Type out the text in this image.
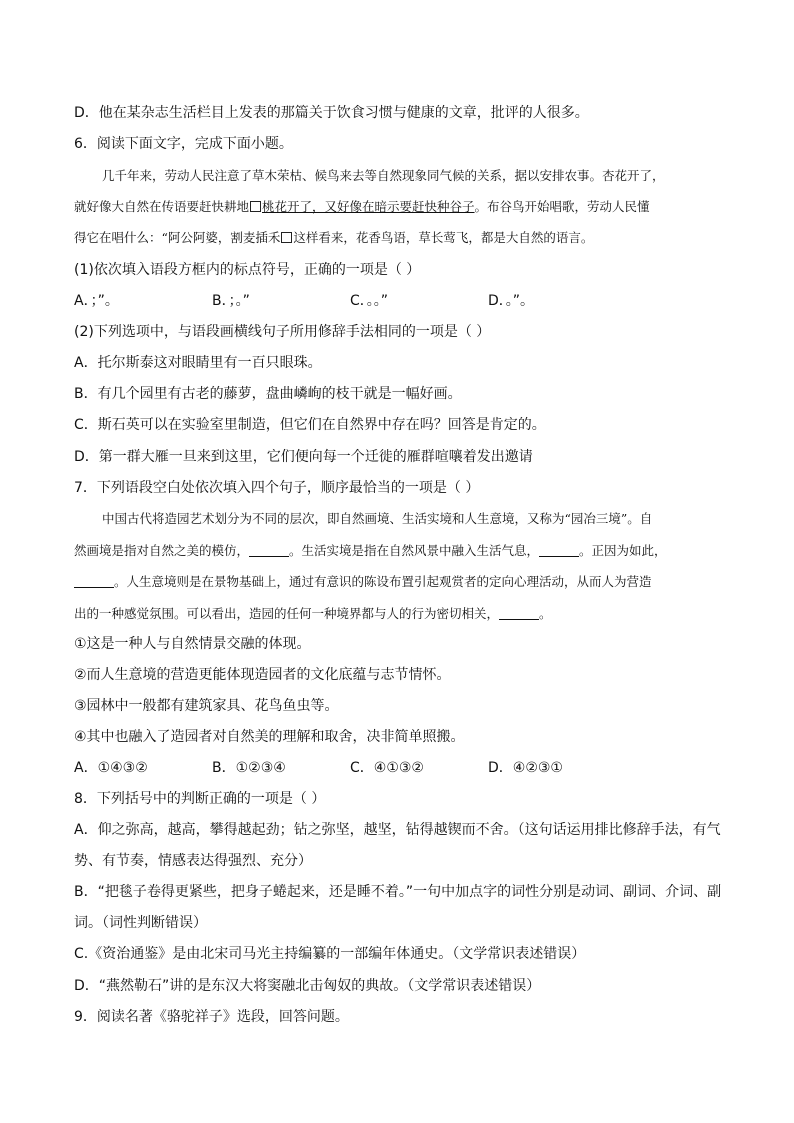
D．他在某杂志生活栏目上发表的那篇关于饮食习惯与健康的文章，批评的人很多。
6．阅读下面文字，完成下面小题。
几千年来，劳动人民注意了草木荣枯、候鸟来去等自然现象同气候的关系，据以安排农事。杏花开了，
就好像大自然在传语要赶快耕地 桃花开了，又好像在暗示要赶快种谷子。布谷鸟开始唱歌，劳动人民懂
得它在唱什么：“阿公阿婆，割麦插禾 这样看来，花香鸟语，草长莺飞，都是大自然的语言。
(1)依次填入语段方框内的标点符号，正确的一项是（ ）
A．；”。	B．；。”	C．。。”	D．。”。
(2)下列选项中，与语段画横线句子所用修辞手法相同的一项是（ ）
A．托尔斯泰这对眼睛里有一百只眼珠。
B．有几个园里有古老的藤萝，盘曲嶙峋的枝干就是一幅好画。
C．斯石英可以在实验室里制造，但它们在自然界中存在吗？回答是肯定的。
D．第一群大雁一旦来到这里，它们便向每一个迁徙的雁群喧嚷着发出邀请
7．下列语段空白处依次填入四个句子，顺序最恰当的一项是（ ）
中国古代将造园艺术划分为不同的层次，即自然画境、生活实境和人生意境，又称为“园冶三境”。自
然画境是指对自然之美的模仿，	。生活实境是指在自然风景中融入生活气息，	。正因为如此，
。人生意境则是在景物基础上，通过有意识的陈设布置引起观赏者的定向心理活动，从而人为营造
出的一种感觉氛围。可以看出，造园的任何一种境界都与人的行为密切相关，	。
①这是一种人与自然情景交融的体现。
②而人生意境的营造更能体现造园者的文化底蕴与志节情怀。
③园林中一般都有建筑家具、花鸟鱼虫等。
④其中也融入了造园者对自然美的理解和取舍，决非简单照搬。
A．①④③②	B．①②③④	C．④①③②	D．④②③①
8．下列括号中的判断正确的一项是（ ）
A．仰之弥高，越高，攀得越起劲；钻之弥坚，越坚，钻得越锲而不舍。（这句话运用排比修辞手法，有气
势、有节奏，情感表达得强烈、充分）
B．“把毯子卷得更紧些，把身子蜷起来，还是睡不着。”一句中加点字的词性分别是动词、副词、介词、副
词。（词性判断错误）
C.《资治通鉴》是由北宋司马光主持编纂的一部编年体通史。（文学常识表述错误）
D．“燕然勒石”讲的是东汉大将窦融北击匈奴的典故。（文学常识表述错误）
9．阅读名著《骆驼祥子》选段，回答问题。
